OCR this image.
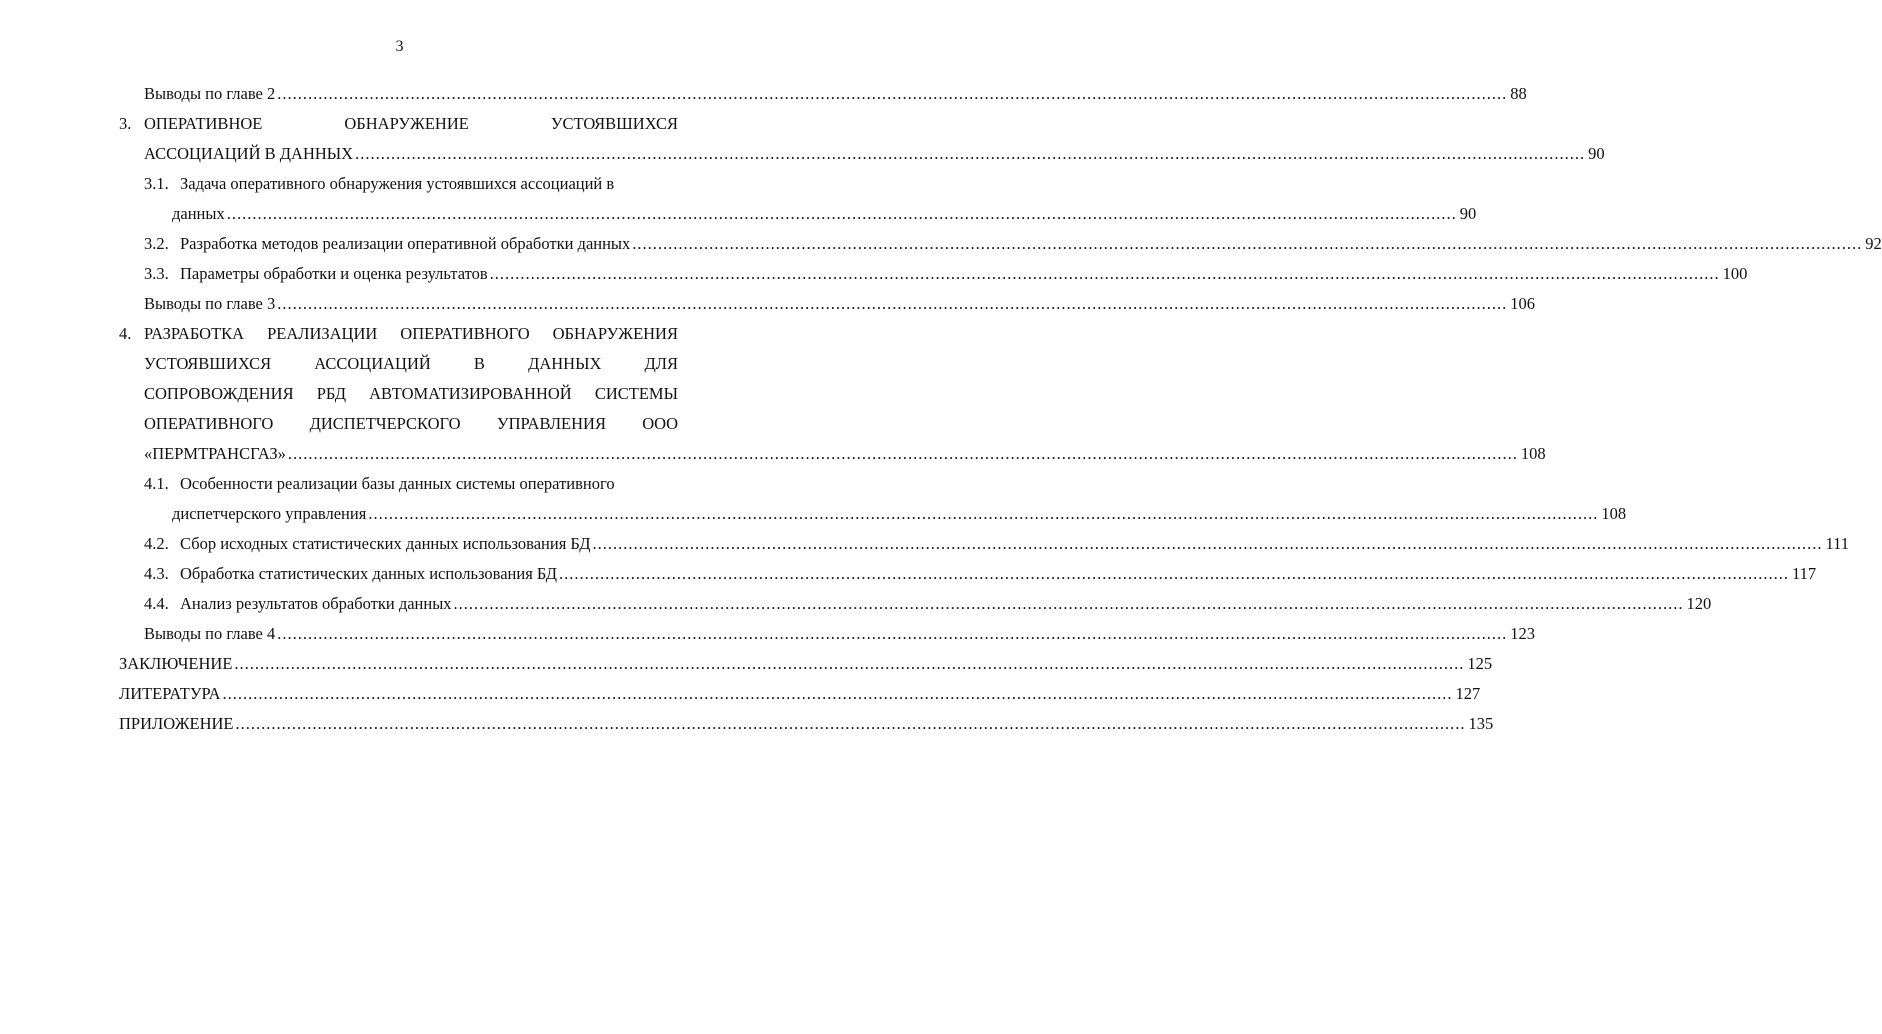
3
Выводы по главе 2 ................................................................................................................................................................................................................................................ 88
3. ОПЕРАТИВНОЕ	ОБНАРУЖЕНИЕ	УСТОЯВШИХСЯ
АССОЦИАЦИЙ В ДАННЫХ ................................................................................................................................................................................................................................................ 90
3.1. Задача оперативного обнаружения устоявшихся ассоциаций в
данных ................................................................................................................................................................................................................................................ 90
3.2. Разработка методов реализации оперативной обработки данных ................................................................................................................................................................................................................................................ 92
3.3. Параметры обработки и оценка результатов ................................................................................................................................................................................................................................................ 100
Выводы по главе 3 ................................................................................................................................................................................................................................................ 106
4. РАЗРАБОТКА РЕАЛИЗАЦИИ ОПЕРАТИВНОГО ОБНАРУЖЕНИЯ
УСТОЯВШИХСЯ	АССОЦИАЦИЙ	В	ДАННЫХ	ДЛЯ
СОПРОВОЖДЕНИЯ РБД АВТОМАТИЗИРОВАННОЙ СИСТЕМЫ
ОПЕРАТИВНОГО ДИСПЕТЧЕРСКОГО УПРАВЛЕНИЯ ООО
«ПЕРМТРАНСГАЗ» ................................................................................................................................................................................................................................................ 108
4.1. Особенности реализации базы данных системы оперативного
диспетчерского управления ................................................................................................................................................................................................................................................ 108
4.2. Сбор исходных статистических данных использования БД ................................................................................................................................................................................................................................................ 111
4.3. Обработка статистических данных использования БД ................................................................................................................................................................................................................................................ 117
4.4. Анализ результатов обработки данных ................................................................................................................................................................................................................................................ 120
Выводы по главе 4 ................................................................................................................................................................................................................................................ 123
ЗАКЛЮЧЕНИЕ ................................................................................................................................................................................................................................................ 125
ЛИТЕРАТУРА ................................................................................................................................................................................................................................................ 127
ПРИЛОЖЕНИЕ ................................................................................................................................................................................................................................................ 135
